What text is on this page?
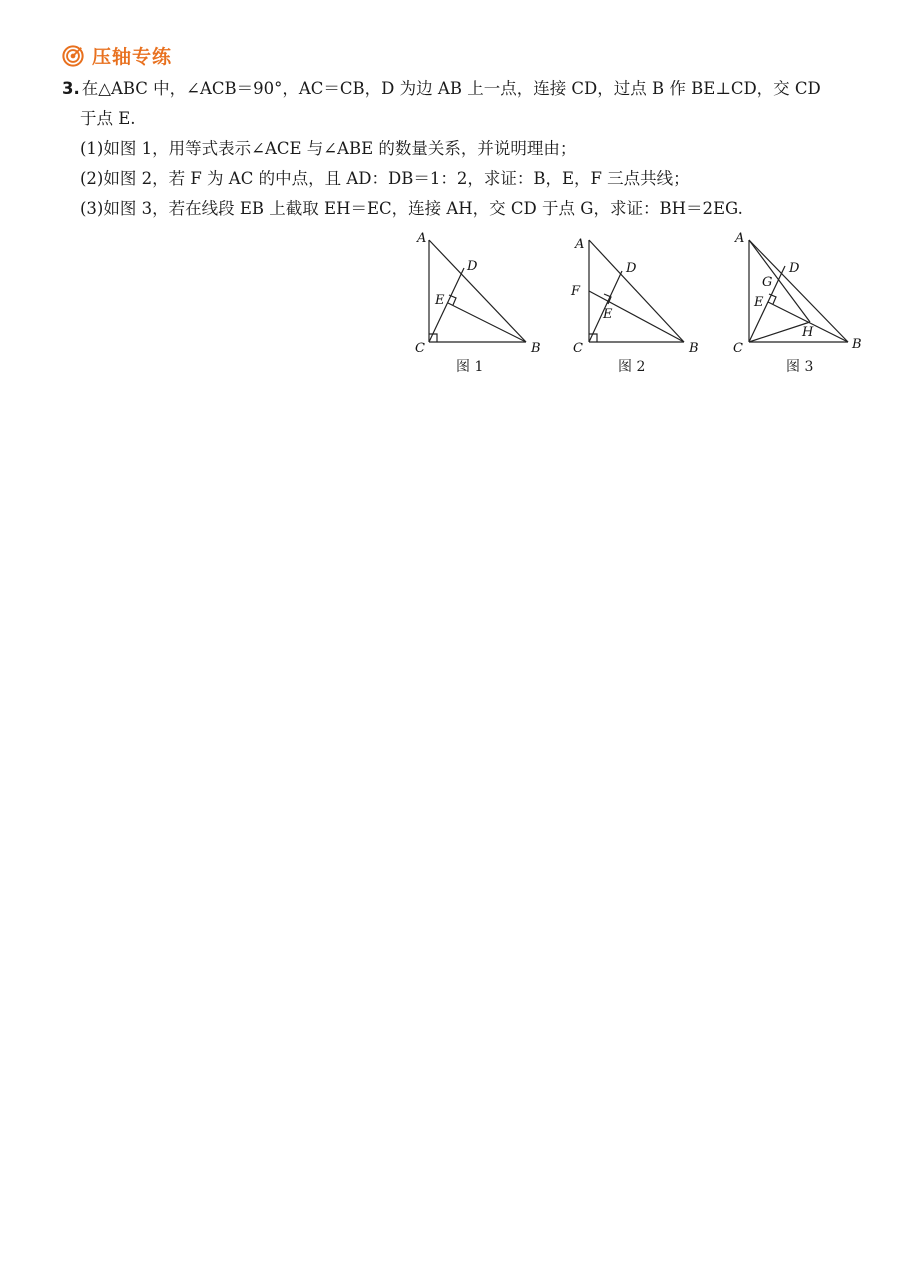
压轴专练
3. 在△ABC 中，∠ACB＝90°，AC＝CB，D 为边 AB 上一点，连接 CD，过点 B 作 BE⊥CD，交 CD
于点 E.
(1)如图 1，用等式表示∠ACE 与∠ABE 的数量关系，并说明理由；
(2)如图 2，若 F 为 AC 的中点，且 AD：DB＝1：2，求证：B，E，F 三点共线；
(3)如图 3，若在线段 EB 上截取 EH＝EC，连接 AH，交 CD 于点 G，求证：BH＝2EG.
A
D
E
C	B
A
D
F
E
C	B
A
D
G
E
H
C	B
图 1	图 2	图 3
